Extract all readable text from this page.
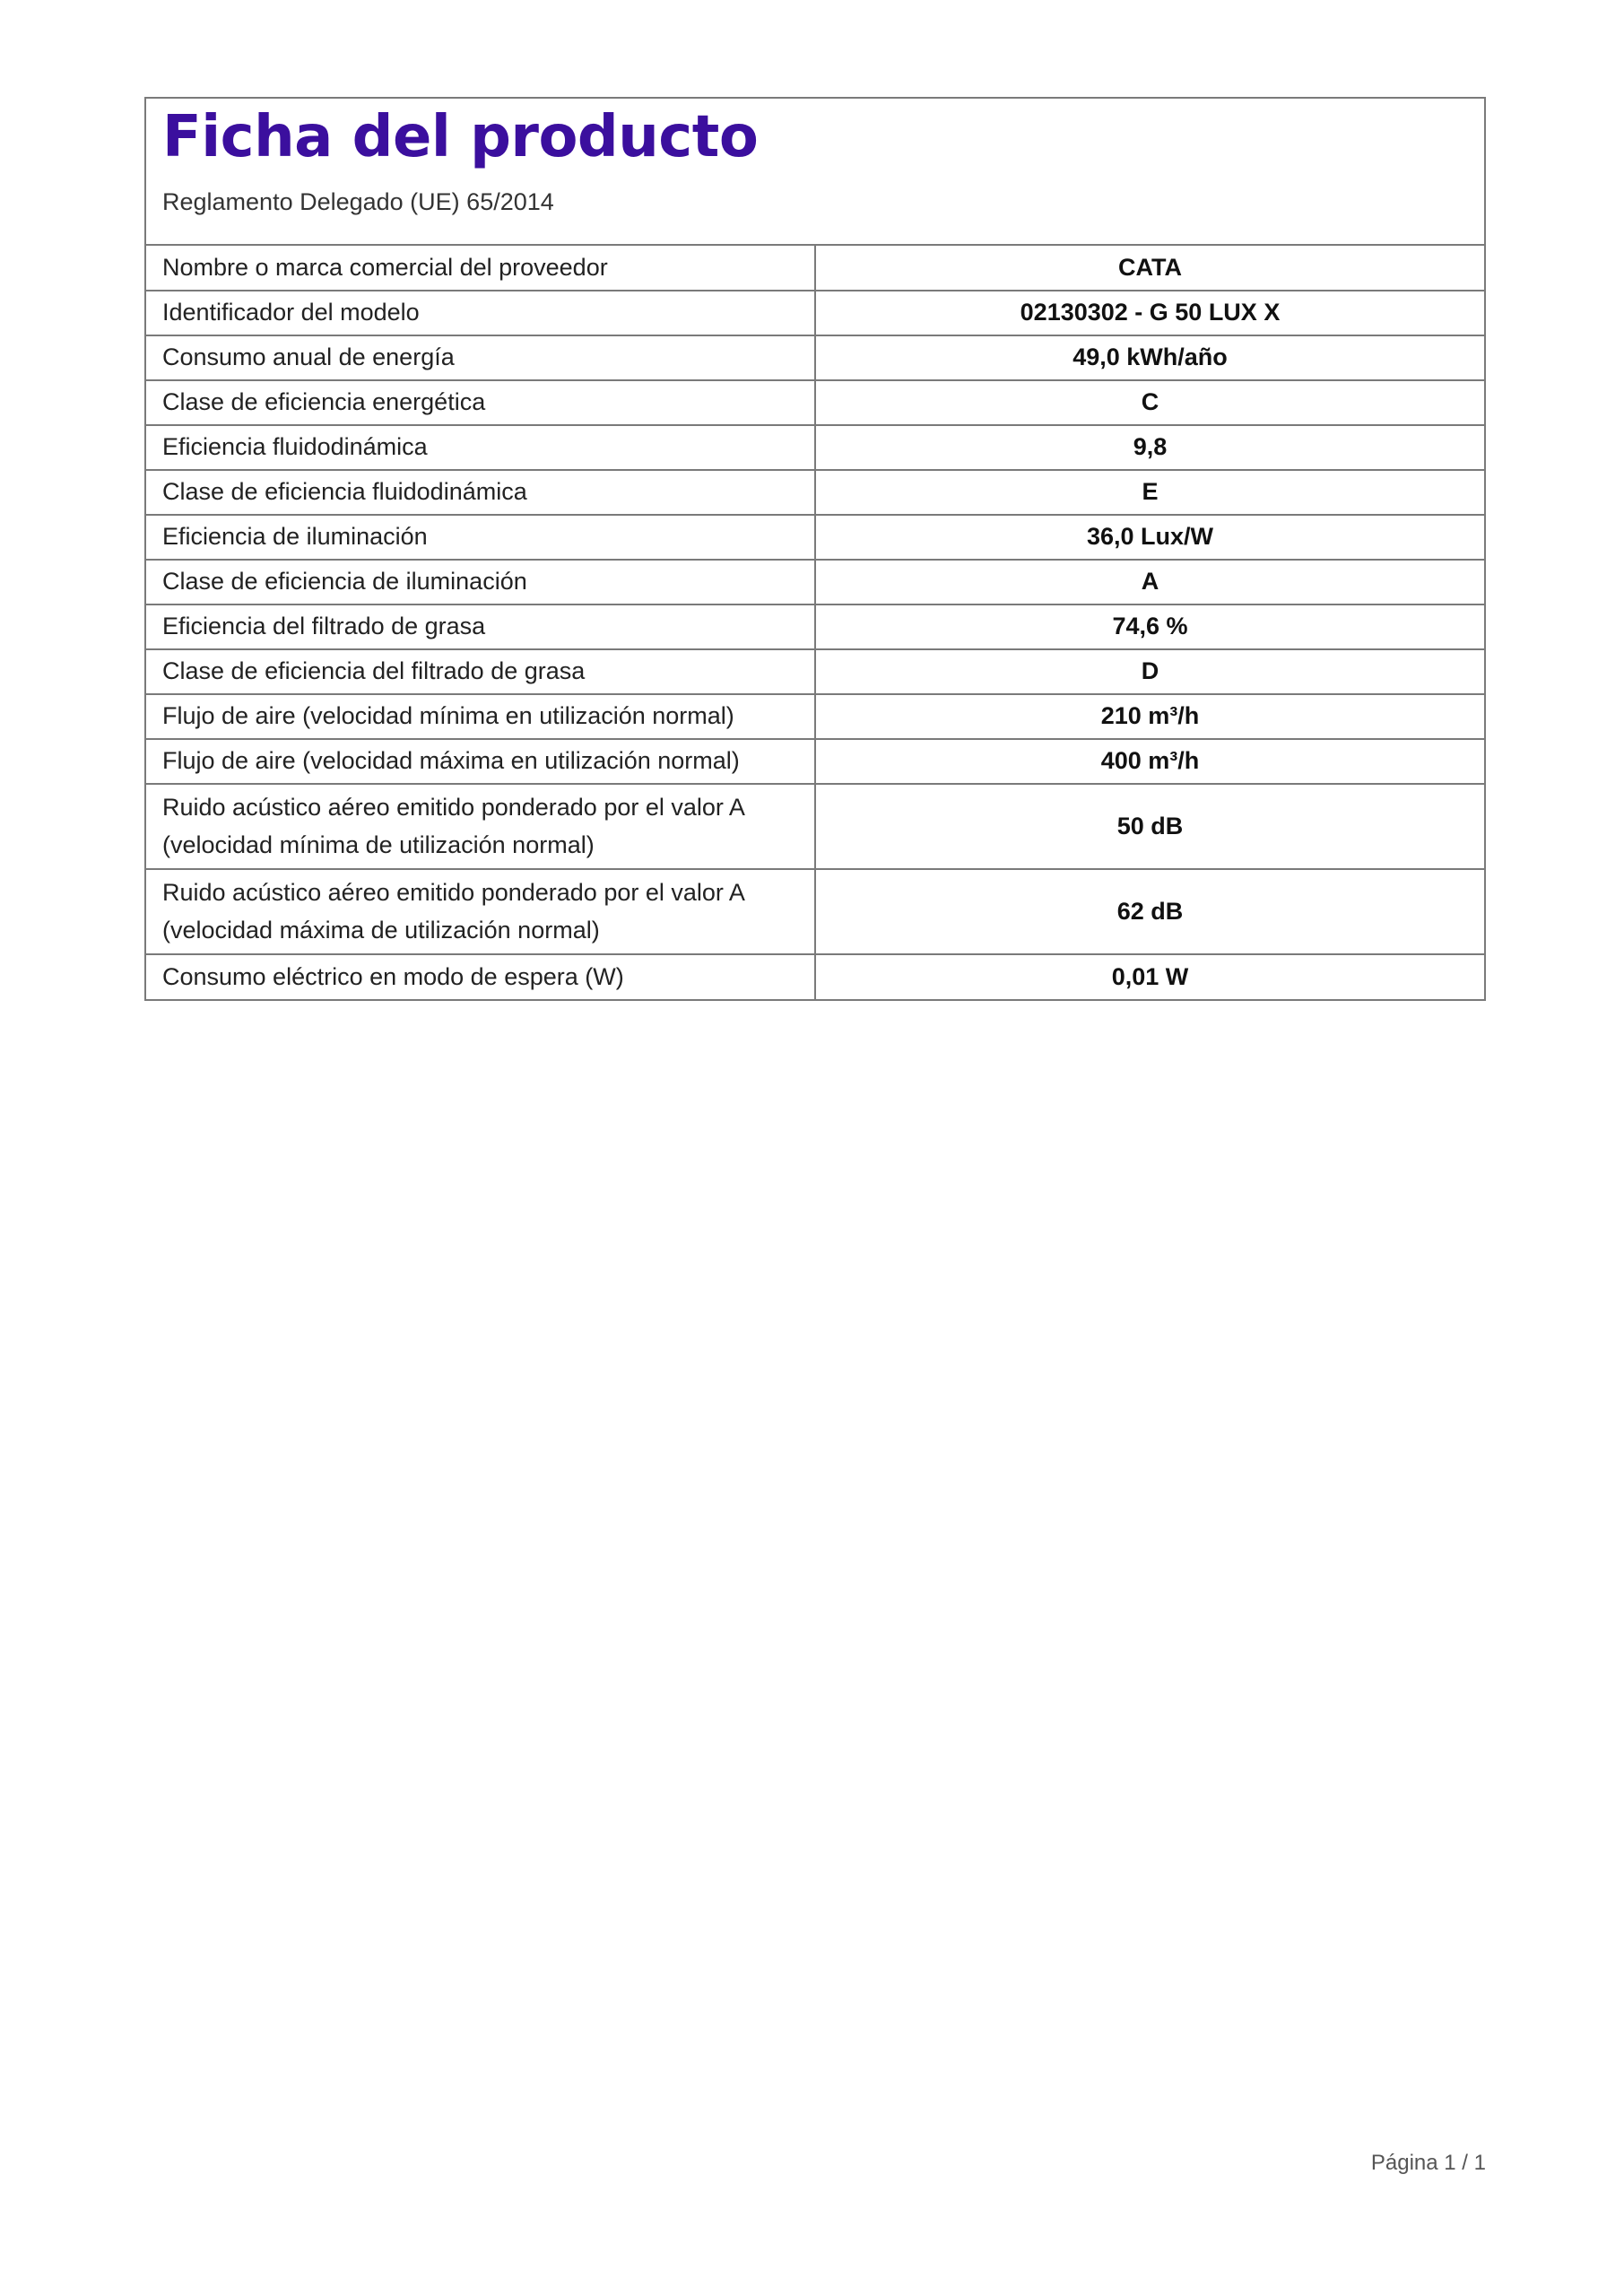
Ficha del producto

Reglamento Delegado (UE) 65/2014

Nombre o marca comercial del proveedor	CATA
Identificador del modelo	02130302 - G 50 LUX X
Consumo anual de energía	49,0 kWh/año
Clase de eficiencia energética	C
Eficiencia fluidodinámica	9,8
Clase de eficiencia fluidodinámica	E
Eficiencia de iluminación	36,0 Lux/W
Clase de eficiencia de iluminación	A
Eficiencia del filtrado de grasa	74,6 %
Clase de eficiencia del filtrado de grasa	D
Flujo de aire (velocidad mínima en utilización normal)	210 m³/h
Flujo de aire (velocidad máxima en utilización normal)	400 m³/h
Ruido acústico aéreo emitido ponderado por el valor A (velocidad mínima de utilización normal)	50 dB
Ruido acústico aéreo emitido ponderado por el valor A (velocidad máxima de utilización normal)	62 dB
Consumo eléctrico en modo de espera (W)	0,01 W
Página 1 / 1
